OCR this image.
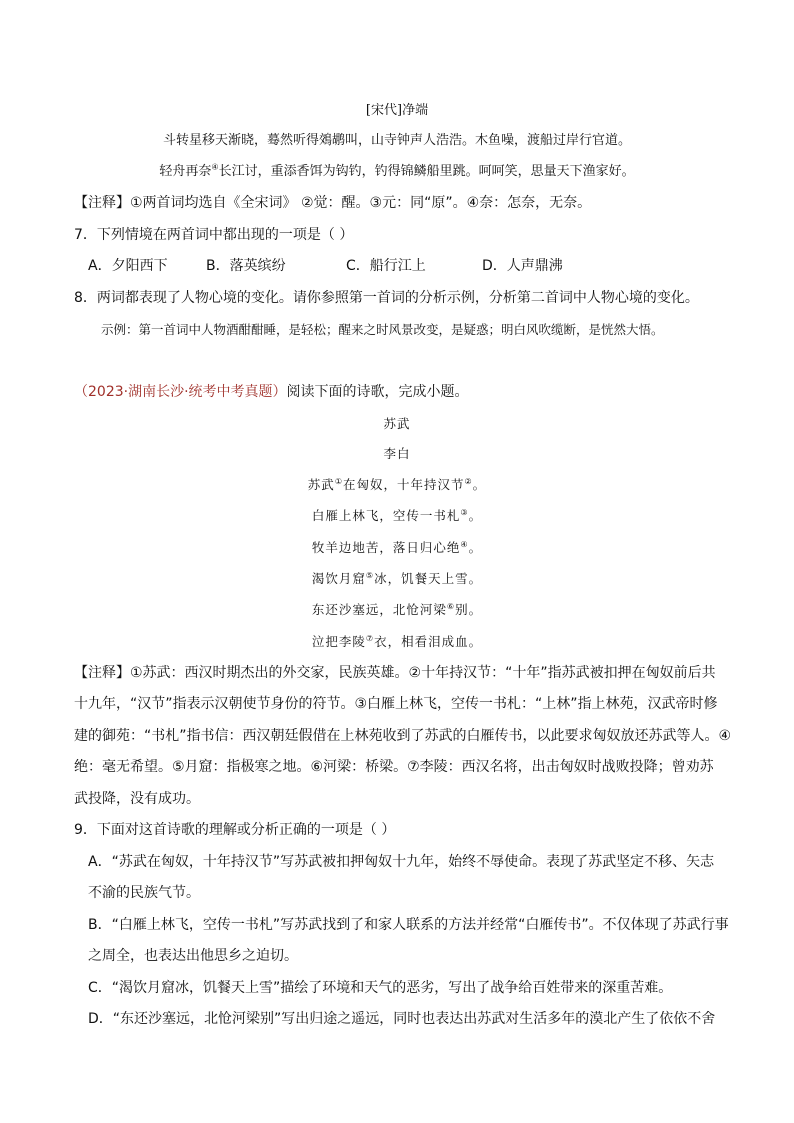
[宋代]净端
斗转星移天渐晓，蓦然听得鵁鹕叫，山寺钟声人浩浩。木鱼噪，渡船过岸行官道。
轻舟再奈④长江讨，重添香饵为钩钓，钓得锦鳞船里跳。呵呵笑，思量天下渔家好。
【注释】①两首词均选自《全宋词》 ②觉：醒。③元：同“原”。④奈：怎奈，无奈。
7．下列情境在两首词中都出现的一项是（ ）
A．夕阳西下	B．落英缤纷	C．船行江上	D．人声鼎沸
8．两词都表现了人物心境的变化。请你参照第一首词的分析示例，分析第二首词中人物心境的变化。
示例：第一首词中人物酒酣酣睡，是轻松；醒来之时风景改变，是疑惑；明白风吹缆断，是恍然大悟。
（2023·湖南长沙·统考中考真题）阅读下面的诗歌，完成小题。
苏武
李白
苏武①在匈奴，十年持汉节②。
白雁上林飞，空传一书札③。
牧羊边地苦，落日归心绝④。
渴饮月窟⑤冰，饥餐天上雪。
东还沙塞远，北怆河梁⑥别。
泣把李陵⑦衣，相看泪成血。
【注释】①苏武：西汉时期杰出的外交家，民族英雄。②十年持汉节：“十年”指苏武被扣押在匈奴前后共
十九年，“汉节”指表示汉朝使节身份的符节。③白雁上林飞，空传一书札：“上林”指上林苑，汉武帝时修
建的御苑：“书札”指书信：西汉朝廷假借在上林苑收到了苏武的白雁传书，以此要求匈奴放还苏武等人。④
绝：毫无希望。⑤月窟：指极寒之地。⑥河梁：桥梁。⑦李陵：西汉名将，出击匈奴时战败投降；曾劝苏
武投降，没有成功。
9．下面对这首诗歌的理解或分析正确的一项是（ ）
A．“苏武在匈奴，十年持汉节”写苏武被扣押匈奴十九年，始终不辱使命。表现了苏武坚定不移、矢志
不渝的民族气节。
B．“白雁上林飞，空传一书札”写苏武找到了和家人联系的方法并经常“白雁传书”。不仅体现了苏武行事
之周全，也表达出他思乡之迫切。
C．“渴饮月窟冰，饥餐天上雪”描绘了环境和天气的恶劣，写出了战争给百姓带来的深重苦难。
D．“东还沙塞远，北怆河梁别”写出归途之遥远，同时也表达出苏武对生活多年的漠北产生了依依不舍
